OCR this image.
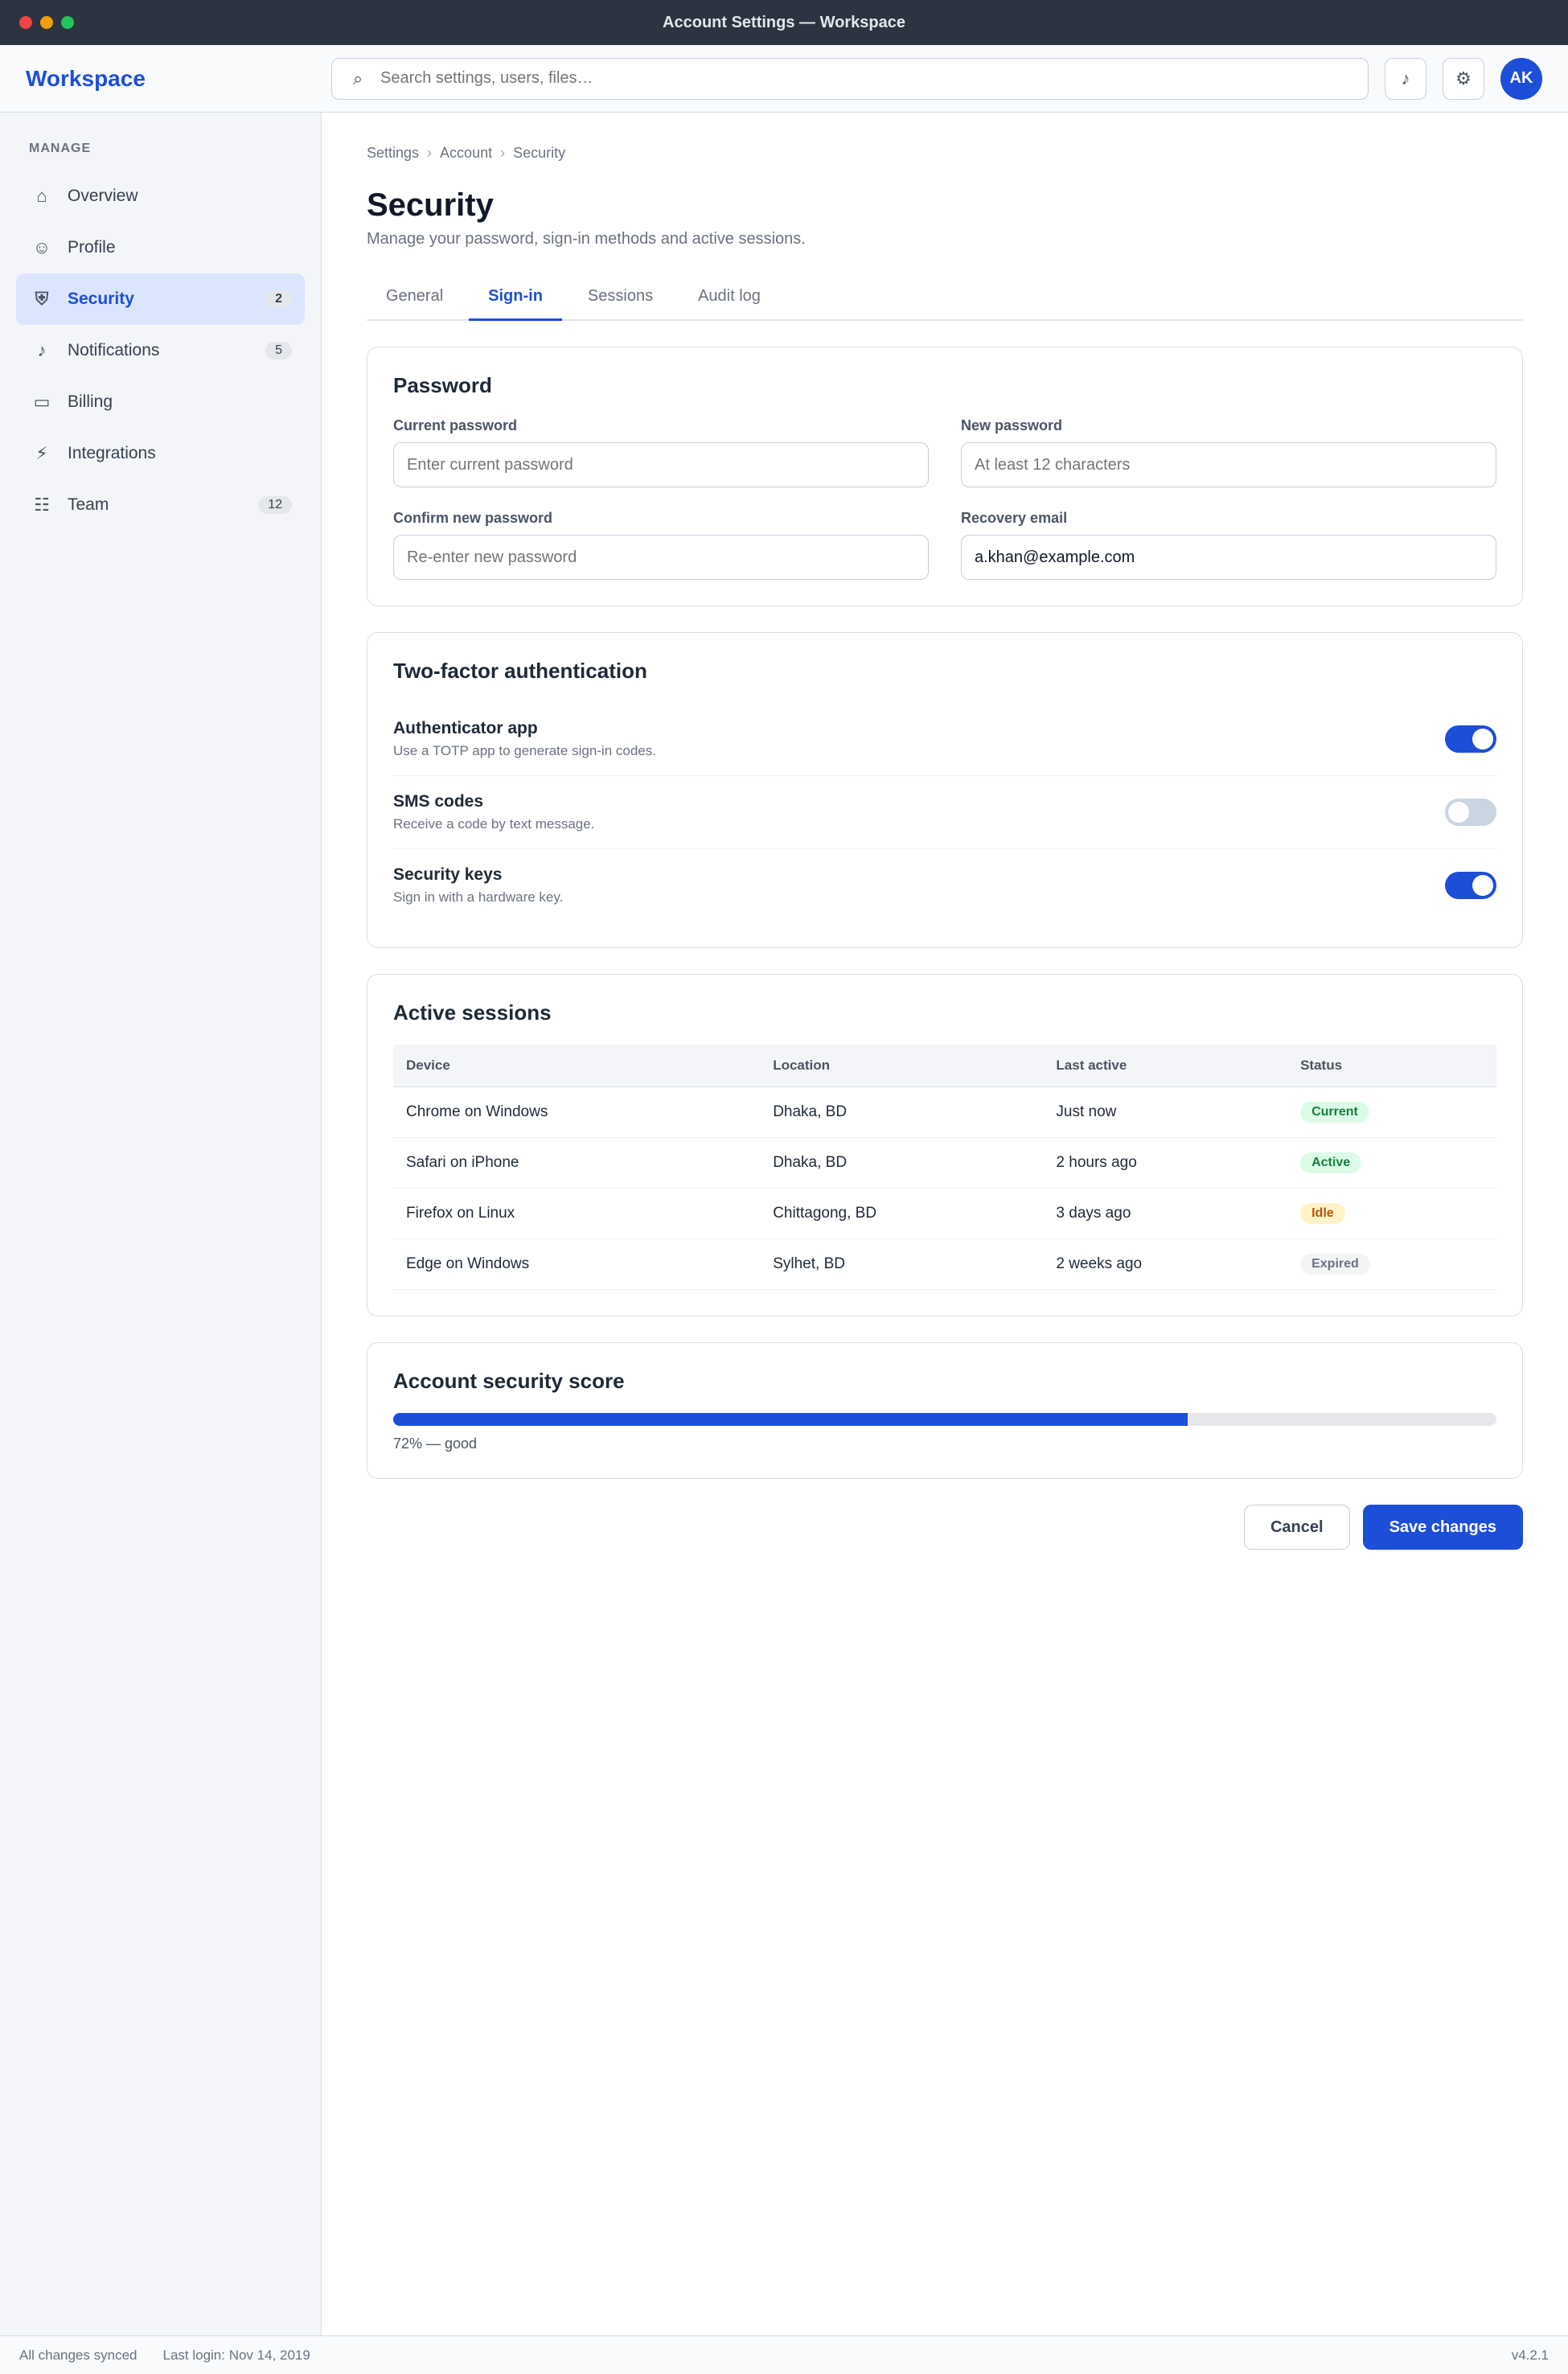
Account Settings — Workspace
Workspace	⌕
Search settings, users, files…	♪	⚙	AK
MANAGE
⌂	Overview
☺ Profile
⛨	Security	2
♪	Notifications	5
▭ Billing
⚡	Integrations
☷ Team	12
Settings › Account › Security
Security
Manage your password, sign-in methods and active sessions.
General	Sign-in	Sessions	Audit log
Password
Current password	New password
Confirm new password	Recovery email
a.khan@example.com
Two-factor authentication
Authenticator app
Use a TOTP app to generate sign-in codes.
SMS codes
Receive a code by text message.
Security keys
Sign in with a hardware key.
Active sessions
Device	Location	Last active	Status
Chrome on Windows	Dhaka, BD	Just now	Current
Safari on iPhone	Dhaka, BD	2 hours ago	Active
Firefox on Linux	Chittagong, BD	3 days ago	Idle
Edge on Windows	Sylhet, BD	2 weeks ago	Expired
Account security score
72% — good
Cancel	Save changes
All changes synced Last login: Nov 14, 2019	v4.2.1
